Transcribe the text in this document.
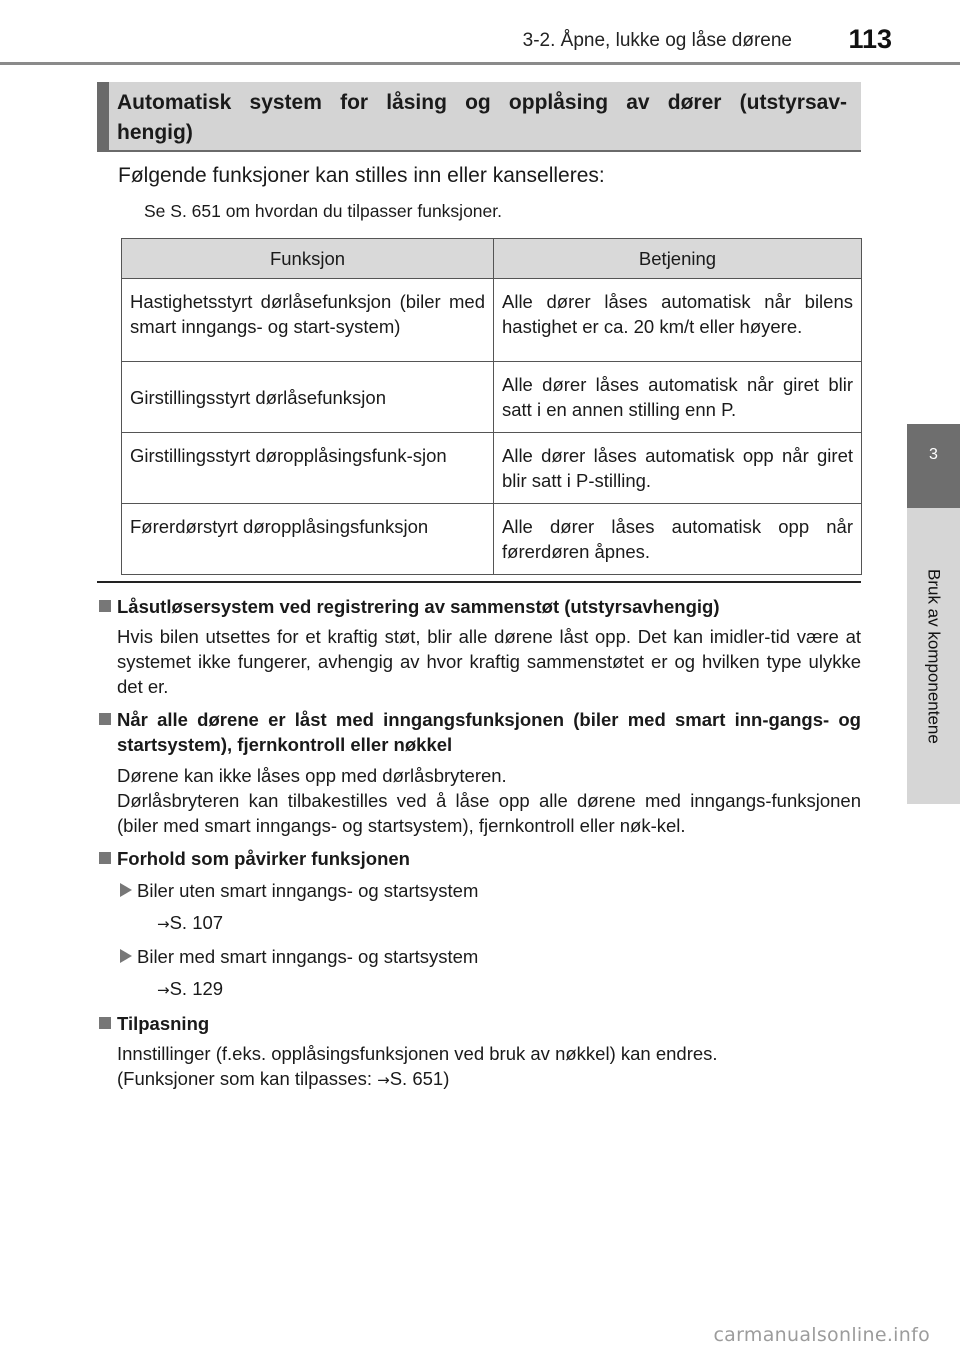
3-2. Åpne, lukke og låse dørene 113
3
Bruk av komponentene
Automatisk system for låsing og opplåsing av dører (utstyrsav-hengig)
Følgende funksjoner kan stilles inn eller kanselleres:
Se S. 651 om hvordan du tilpasser funksjoner.
Funksjon	Betjening
Hastighetsstyrt dørlåsefunksjon (biler med smart inngangs- og start-system)	Alle dører låses automatisk når bilens hastighet er ca. 20 km/t eller høyere.
Girstillingsstyrt dørlåsefunksjon	Alle dører låses automatisk når giret blir satt i en annen stilling enn P.
Girstillingsstyrt døropplåsingsfunk-sjon	Alle dører låses automatisk opp når giret blir satt i P-stilling.
Førerdørstyrt døropplåsingsfunksjon	Alle dører låses automatisk opp når førerdøren åpnes.
Låsutløsersystem ved registrering av sammenstøt (utstyrsavhengig)
Hvis bilen utsettes for et kraftig støt, blir alle dørene låst opp. Det kan imidler-tid være at systemet ikke fungerer, avhengig av hvor kraftig sammenstøtet er og hvilken type ulykke det er.
Når alle dørene er låst med inngangsfunksjonen (biler med smart inn-gangs- og startsystem), fjernkontroll eller nøkkel
Dørene kan ikke låses opp med dørlåsbryteren.
Dørlåsbryteren kan tilbakestilles ved å låse opp alle dørene med inngangs-funksjonen (biler med smart inngangs- og startsystem), fjernkontroll eller nøk-kel.
Forhold som påvirker funksjonen
Biler uten smart inngangs- og startsystem
→S. 107
Biler med smart inngangs- og startsystem
→S. 129
Tilpasning
Innstillinger (f.eks. opplåsingsfunksjonen ved bruk av nøkkel) kan endres.
(Funksjoner som kan tilpasses: →S. 651)
carmanualsonline.info
